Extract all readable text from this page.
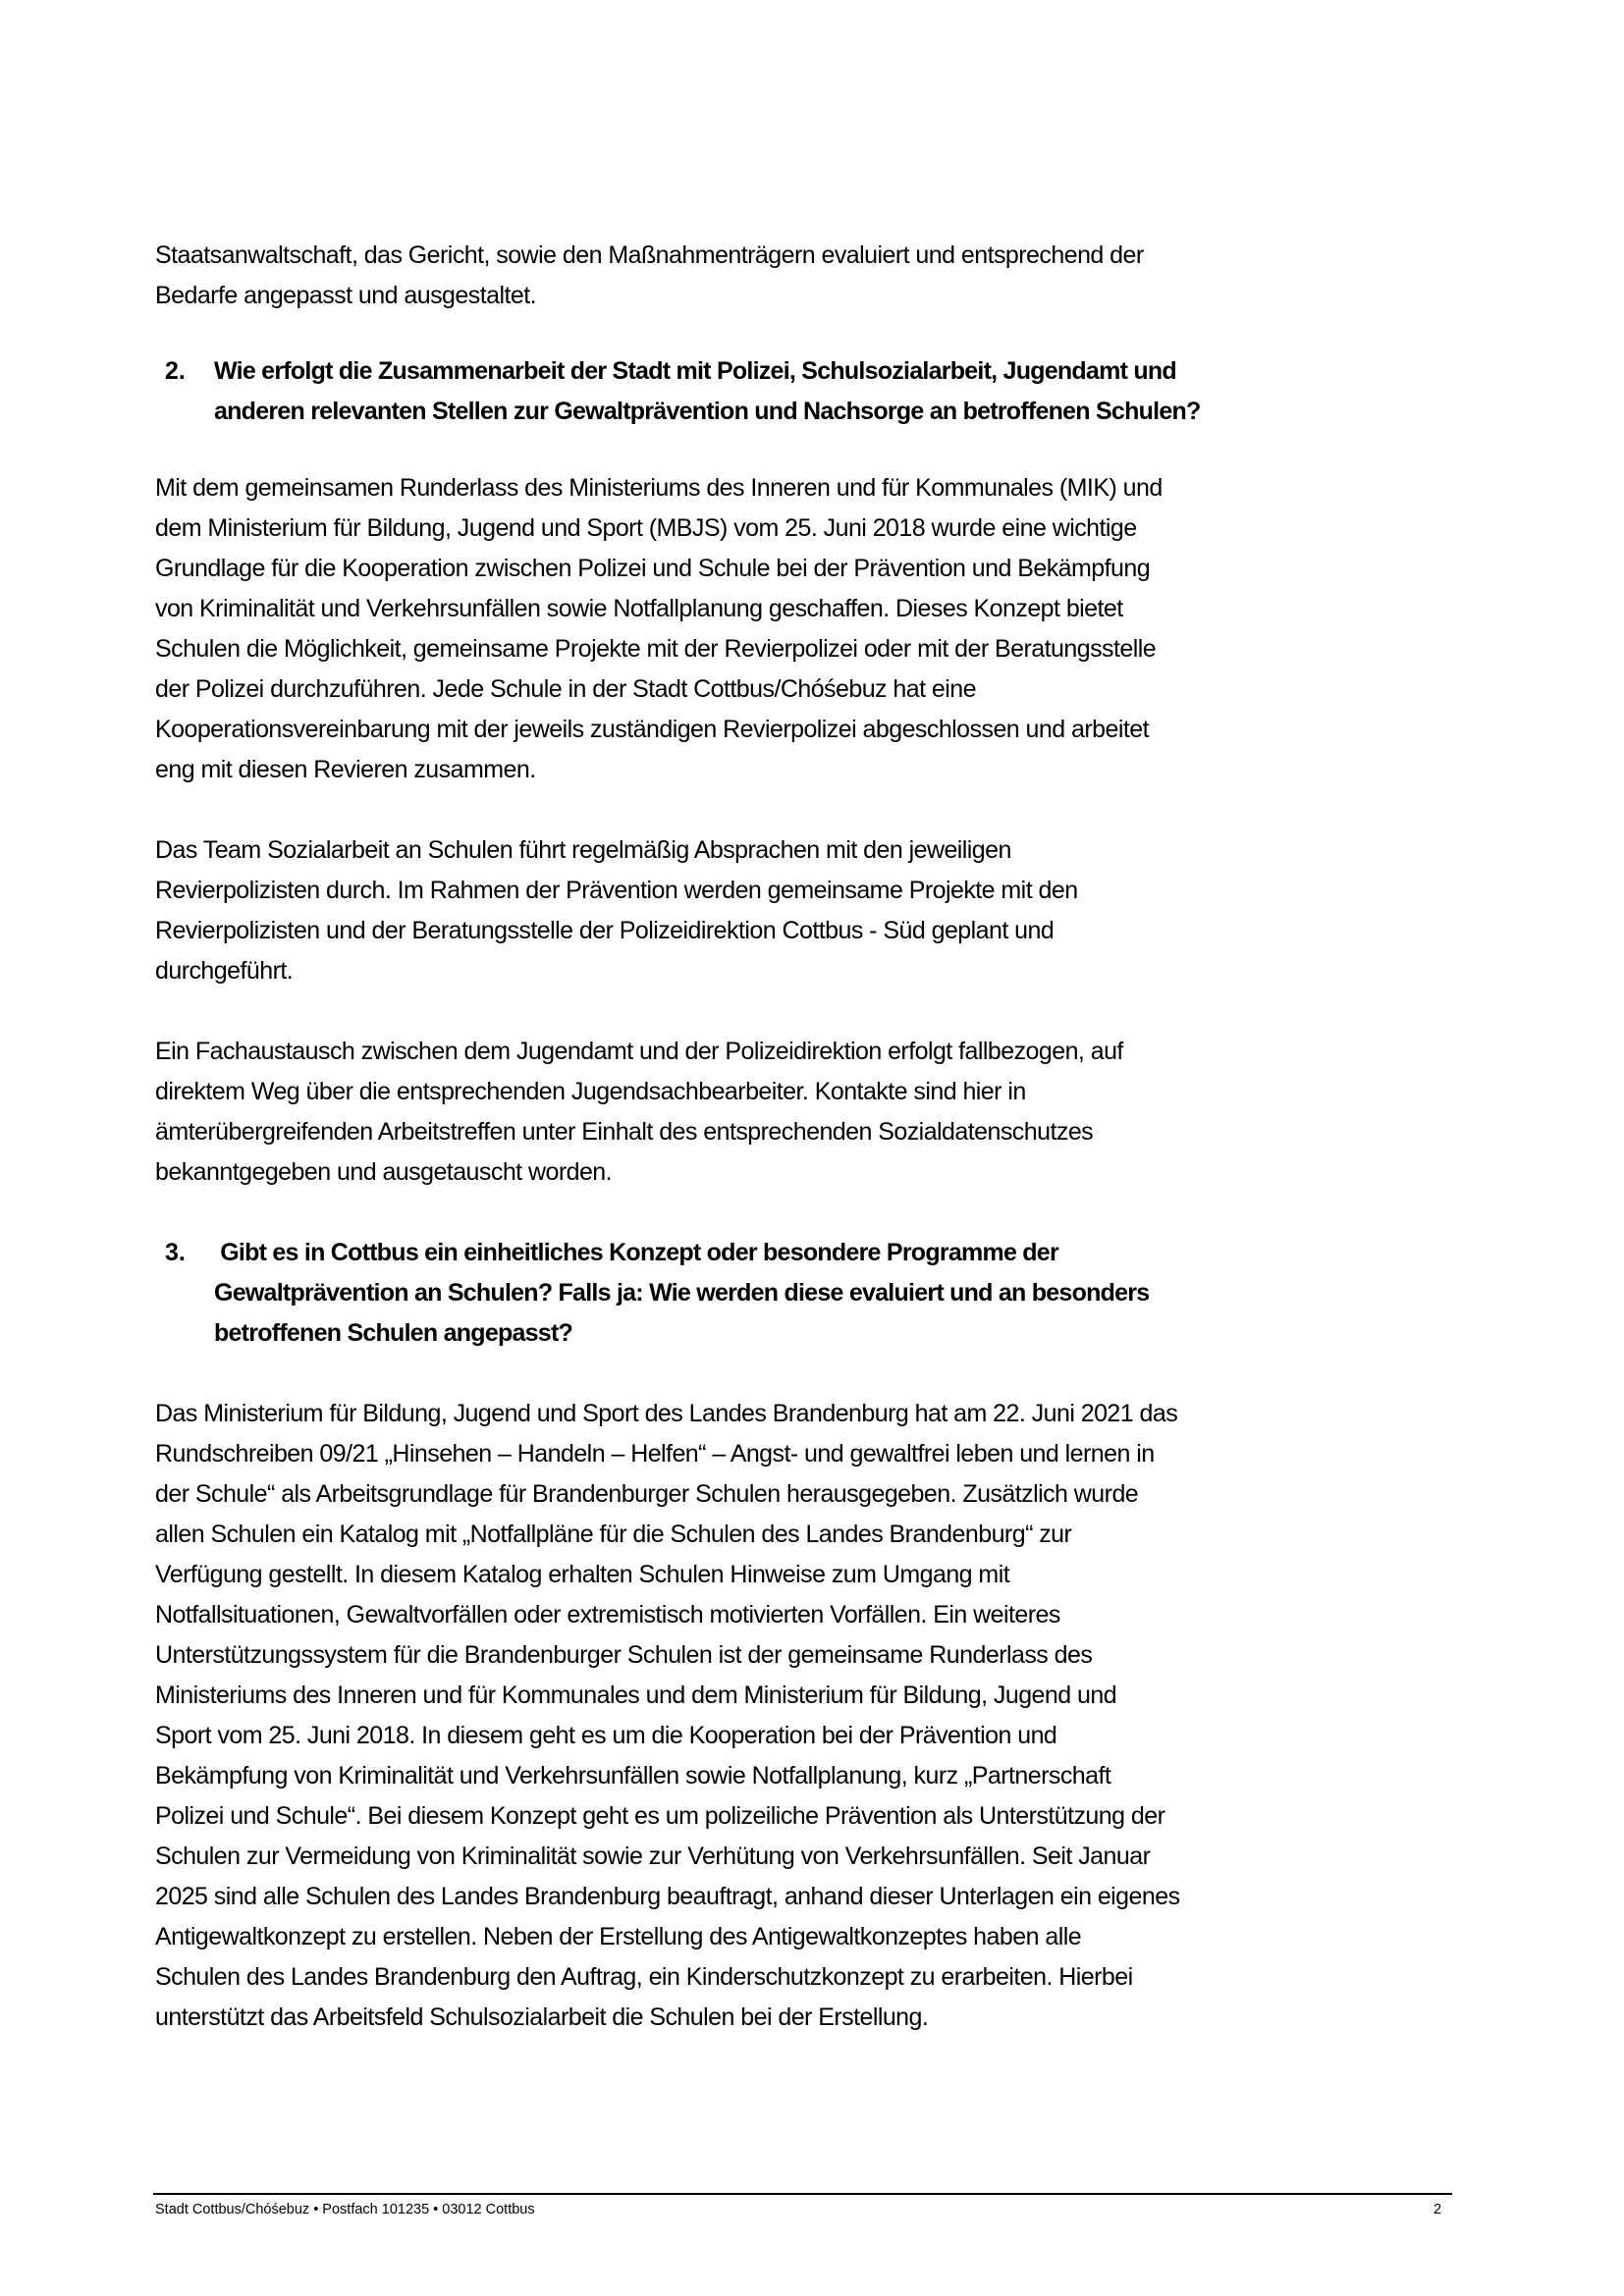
Staatsanwaltschaft, das Gericht, sowie den Maßnahmenträgern evaluiert und entsprechend der
Bedarfe angepasst und ausgestaltet.
2. Wie erfolgt die Zusammenarbeit der Stadt mit Polizei, Schulsozialarbeit, Jugendamt und
anderen relevanten Stellen zur Gewaltprävention und Nachsorge an betroffenen Schulen?
Mit dem gemeinsamen Runderlass des Ministeriums des Inneren und für Kommunales (MIK) und
dem Ministerium für Bildung, Jugend und Sport (MBJS) vom 25. Juni 2018 wurde eine wichtige
Grundlage für die Kooperation zwischen Polizei und Schule bei der Prävention und Bekämpfung
von Kriminalität und Verkehrsunfällen sowie Notfallplanung geschaffen. Dieses Konzept bietet
Schulen die Möglichkeit, gemeinsame Projekte mit der Revierpolizei oder mit der Beratungsstelle
der Polizei durchzuführen. Jede Schule in der Stadt Cottbus/Chóśebuz hat eine
Kooperationsvereinbarung mit der jeweils zuständigen Revierpolizei abgeschlossen und arbeitet
eng mit diesen Revieren zusammen.
Das Team Sozialarbeit an Schulen führt regelmäßig Absprachen mit den jeweiligen
Revierpolizisten durch. Im Rahmen der Prävention werden gemeinsame Projekte mit den
Revierpolizisten und der Beratungsstelle der Polizeidirektion Cottbus - Süd geplant und
durchgeführt.
Ein Fachaustausch zwischen dem Jugendamt und der Polizeidirektion erfolgt fallbezogen, auf
direktem Weg über die entsprechenden Jugendsachbearbeiter. Kontakte sind hier in
ämterübergreifenden Arbeitstreffen unter Einhalt des entsprechenden Sozialdatenschutzes
bekanntgegeben und ausgetauscht worden.
3. Gibt es in Cottbus ein einheitliches Konzept oder besondere Programme der
Gewaltprävention an Schulen? Falls ja: Wie werden diese evaluiert und an besonders
betroffenen Schulen angepasst?
Das Ministerium für Bildung, Jugend und Sport des Landes Brandenburg hat am 22. Juni 2021 das
Rundschreiben 09/21 „Hinsehen – Handeln – Helfen“ – Angst- und gewaltfrei leben und lernen in
der Schule“ als Arbeitsgrundlage für Brandenburger Schulen herausgegeben. Zusätzlich wurde
allen Schulen ein Katalog mit „Notfallpläne für die Schulen des Landes Brandenburg“ zur
Verfügung gestellt. In diesem Katalog erhalten Schulen Hinweise zum Umgang mit
Notfallsituationen, Gewaltvorfällen oder extremistisch motivierten Vorfällen. Ein weiteres
Unterstützungssystem für die Brandenburger Schulen ist der gemeinsame Runderlass des
Ministeriums des Inneren und für Kommunales und dem Ministerium für Bildung, Jugend und
Sport vom 25. Juni 2018. In diesem geht es um die Kooperation bei der Prävention und
Bekämpfung von Kriminalität und Verkehrsunfällen sowie Notfallplanung, kurz „Partnerschaft
Polizei und Schule“. Bei diesem Konzept geht es um polizeiliche Prävention als Unterstützung der
Schulen zur Vermeidung von Kriminalität sowie zur Verhütung von Verkehrsunfällen. Seit Januar
2025 sind alle Schulen des Landes Brandenburg beauftragt, anhand dieser Unterlagen ein eigenes
Antigewaltkonzept zu erstellen. Neben der Erstellung des Antigewaltkonzeptes haben alle
Schulen des Landes Brandenburg den Auftrag, ein Kinderschutzkonzept zu erarbeiten. Hierbei
unterstützt das Arbeitsfeld Schulsozialarbeit die Schulen bei der Erstellung.
Stadt Cottbus/Chóśebuz • Postfach 101235 • 03012 Cottbus	2
